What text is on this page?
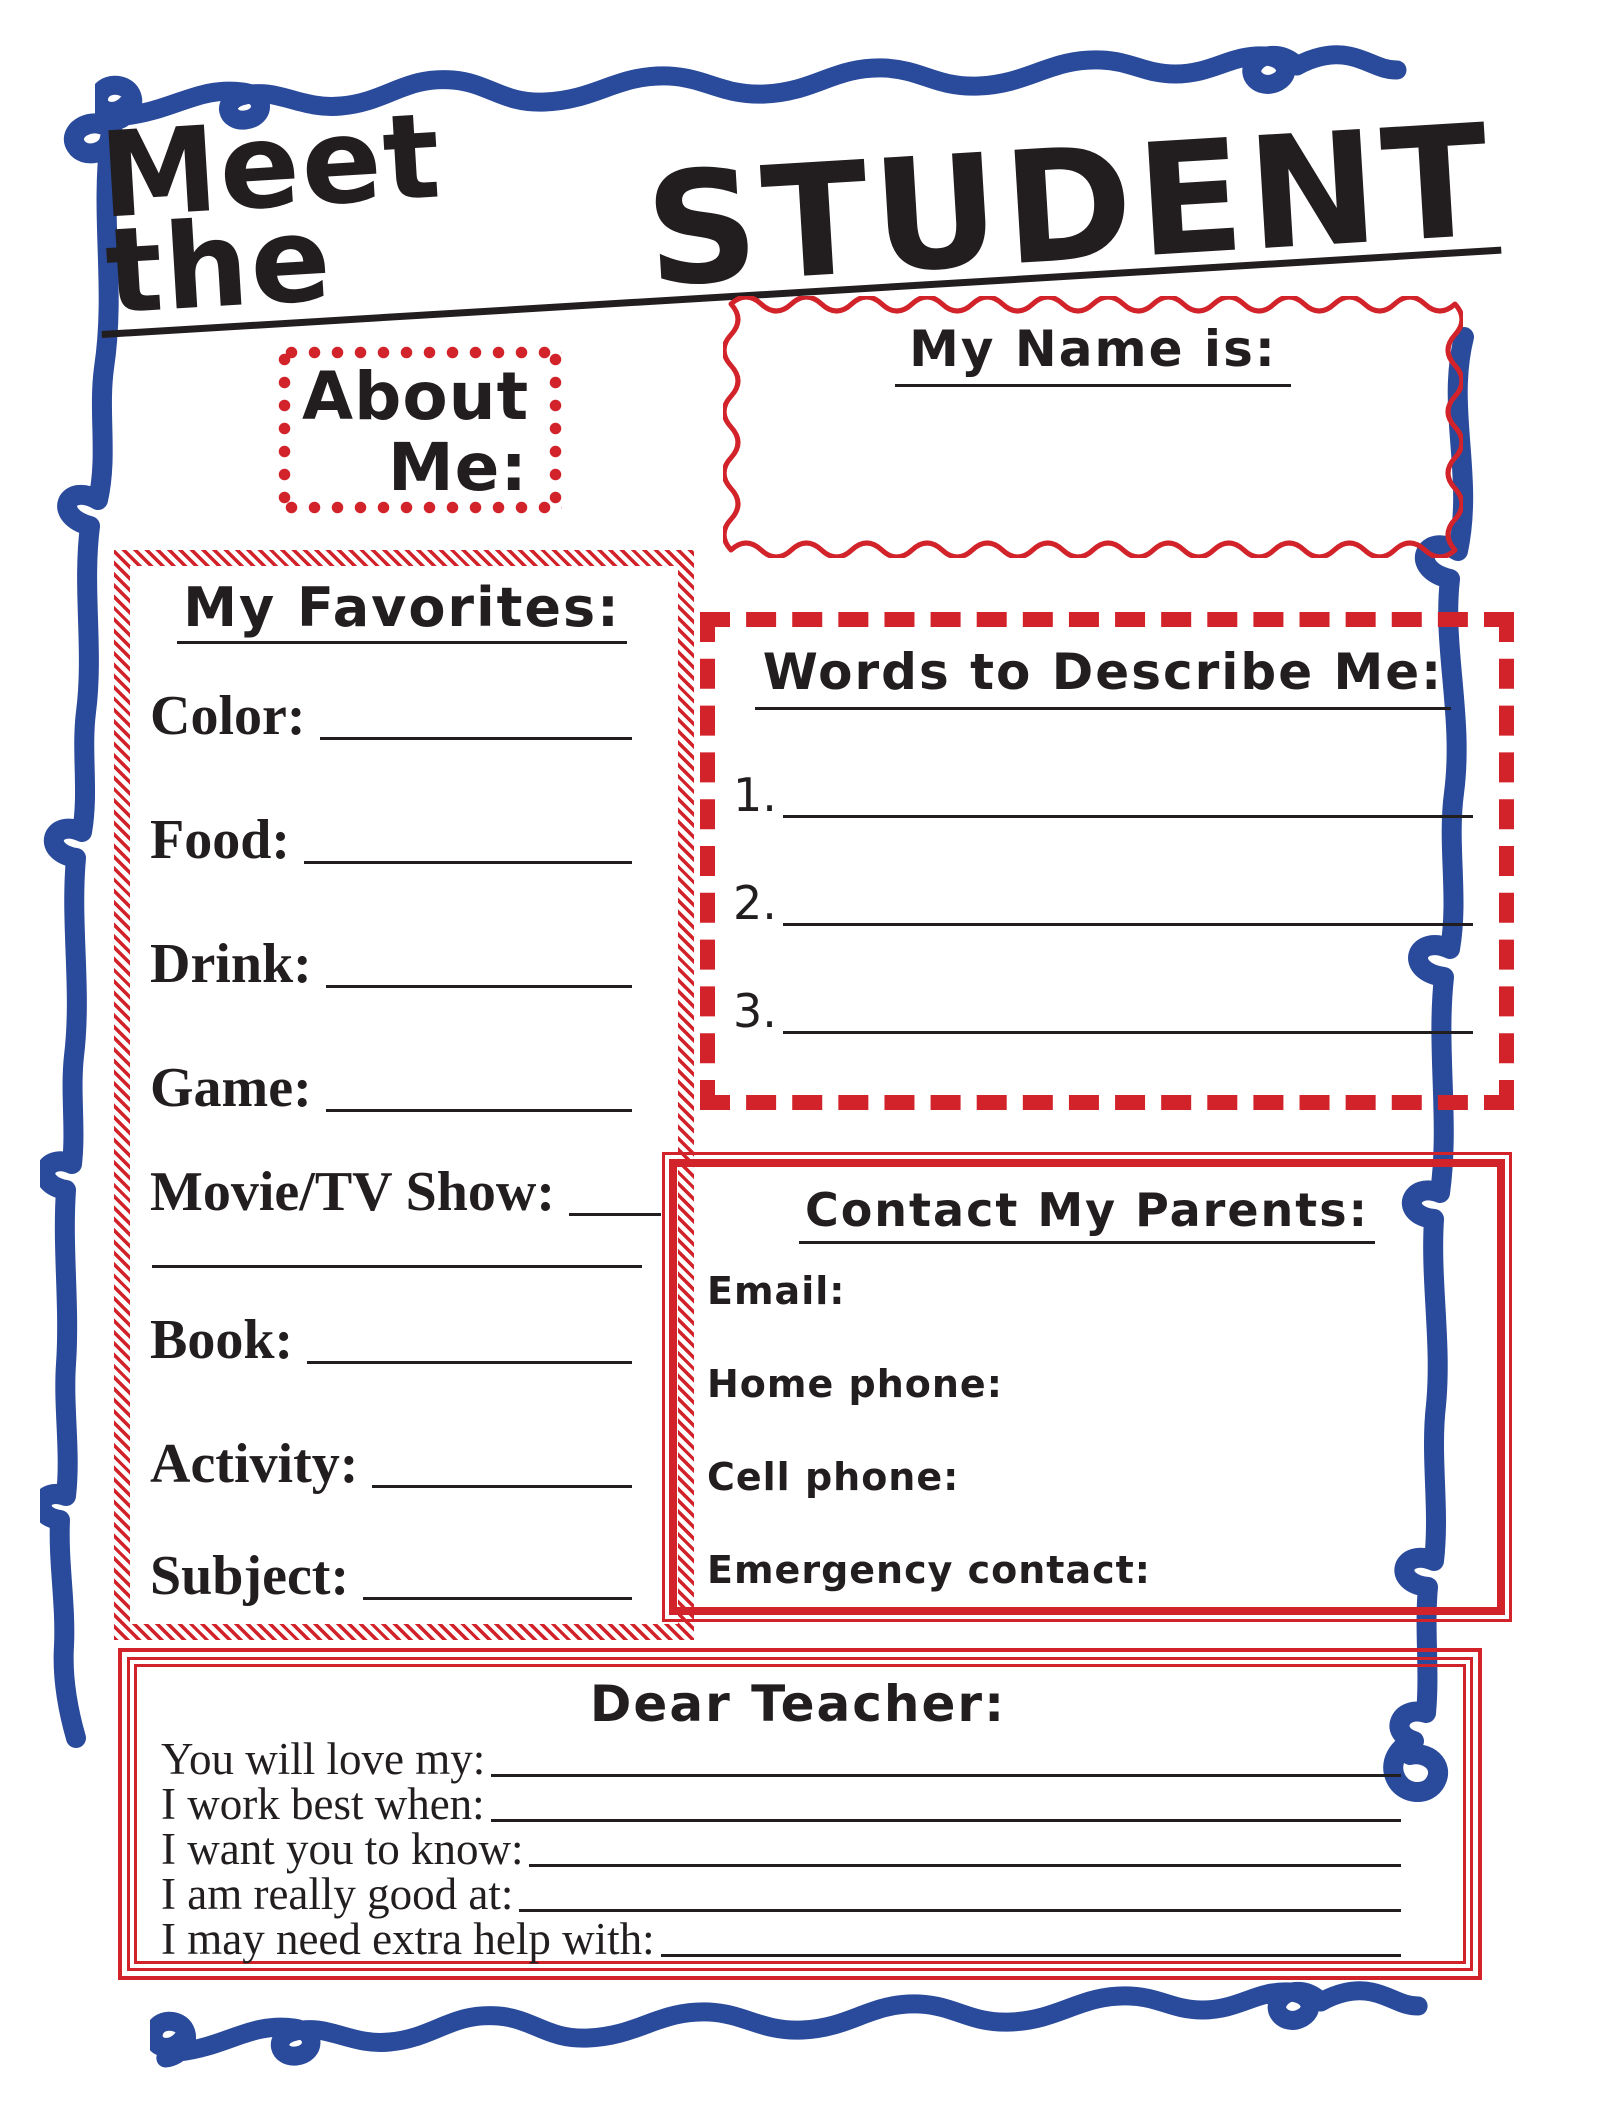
Meet the	STUDENT
About
Me:
My Name is:
My Favorites:
Color:
Food:
Drink:
Game:
Movie/TV Show:
Book:
Activity:
Subject:
Words to Describe Me:
1.
2.
3.
Contact My Parents:
Email:
Home phone:
Cell phone:
Emergency contact:
Dear Teacher:
You will love my:
I work best when:
I want you to know:
I am really good at:
I may need extra help with:
